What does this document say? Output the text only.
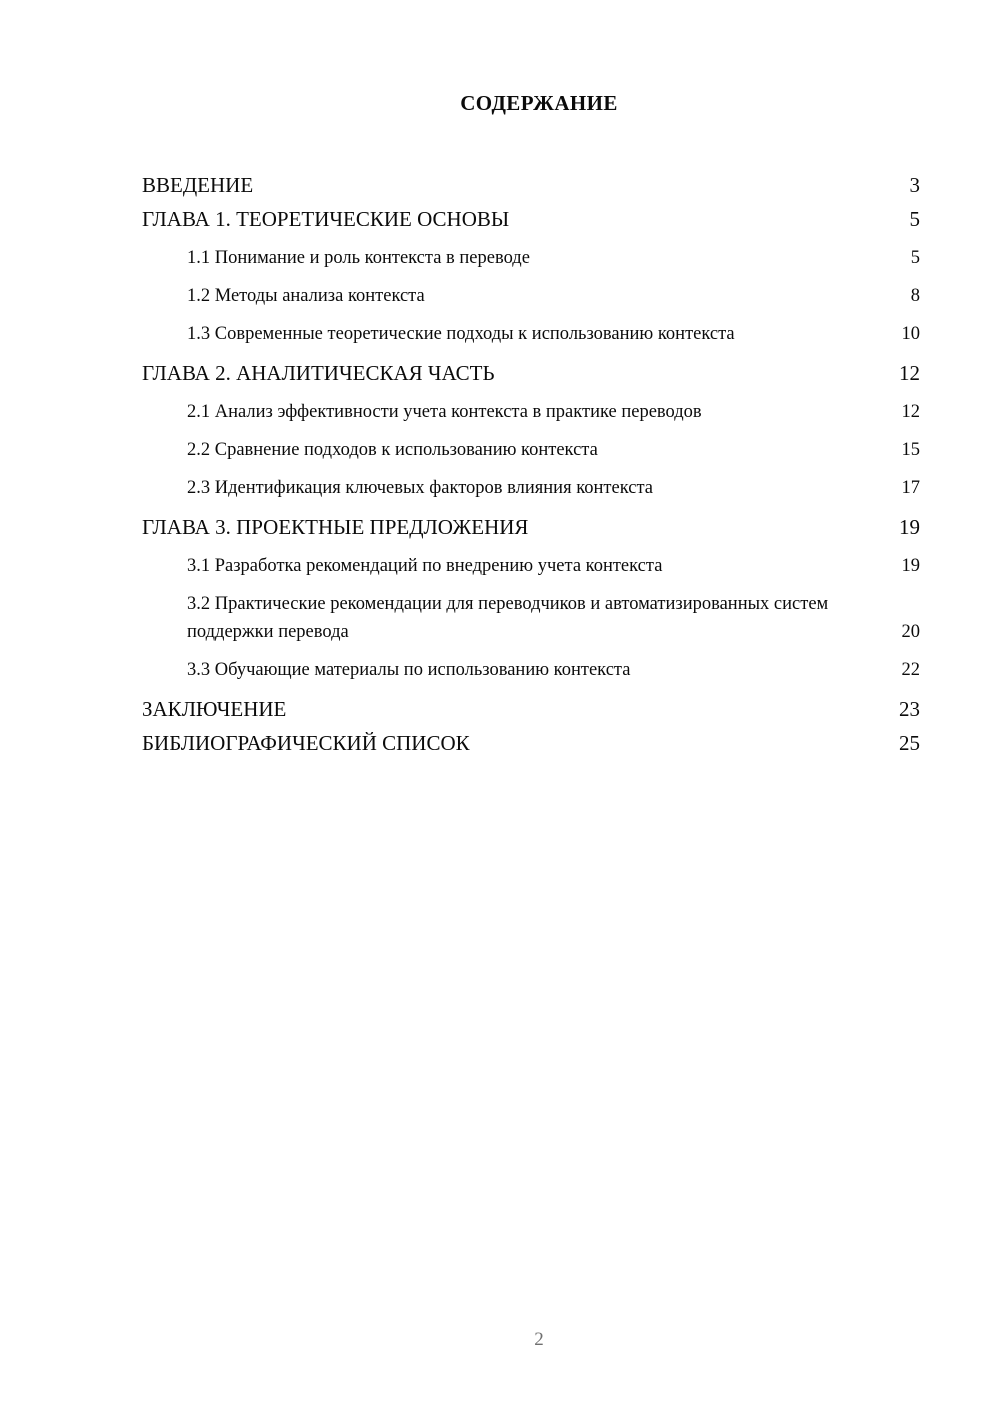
СОДЕРЖАНИЕ
ВВЕДЕНИЕ	3
ГЛАВА 1. ТЕОРЕТИЧЕСКИЕ ОСНОВЫ	5
1.1 Понимание и роль контекста в переводе	5
1.2 Методы анализа контекста	8
1.3 Современные теоретические подходы к использованию контекста	10
ГЛАВА 2. АНАЛИТИЧЕСКАЯ ЧАСТЬ	12
2.1 Анализ эффективности учета контекста в практике переводов	12
2.2 Сравнение подходов к использованию контекста	15
2.3 Идентификация ключевых факторов влияния контекста	17
ГЛАВА 3. ПРОЕКТНЫЕ ПРЕДЛОЖЕНИЯ	19
3.1 Разработка рекомендаций по внедрению учета контекста	19
3.2 Практические рекомендации для переводчиков и автоматизированных систем поддержки перевода	20
3.3 Обучающие материалы по использованию контекста	22
ЗАКЛЮЧЕНИЕ	23
БИБЛИОГРАФИЧЕСКИЙ СПИСОК	25
2
